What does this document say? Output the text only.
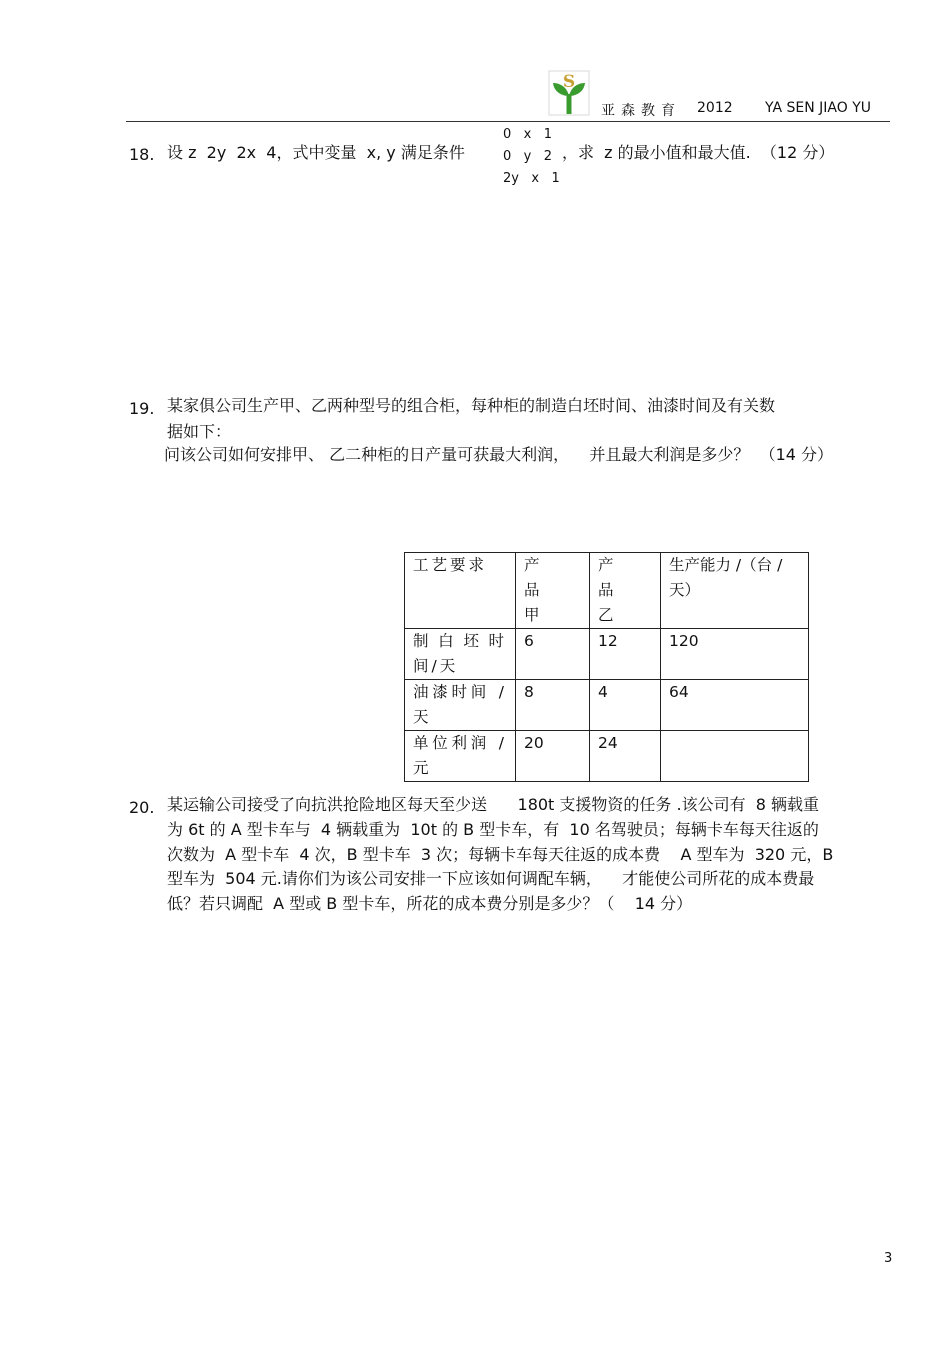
S
亚森教育 2012 YA SEN JIAO YU
18. 设 z  2y  2x  4，式中变量  x, y 满足条件
0   x   1
0   y   2
2y   x   1
，求  z 的最小值和最大值.  （12 分）
19. 某家俱公司生产甲、乙两种型号的组合柜，每种柜的制造白坯时间、油漆时间及有关数
据如下：
问该公司如何安排甲、 乙二种柜的日产量可获最大利润，    并且最大利润是多少？  （14 分）
工艺要求	产品甲	产品乙	生产能力 /（台 / 天）
制白坯时间/天	6	12	120
油漆时间 / 天	8	4	64
单位利润 / 元	20	24	
20. 某运输公司接受了向抗洪抢险地区每天至少送      180t 支援物资的任务 .该公司有  8 辆载重
为 6t 的 A 型卡车与  4 辆载重为  10t 的 B 型卡车，有  10 名驾驶员；每辆卡车每天往返的
次数为  A 型卡车  4 次，B 型卡车  3 次；每辆卡车每天往返的成本费    A 型车为  320 元，B
型车为  504 元.请你们为该公司安排一下应该如何调配车辆，    才能使公司所花的成本费最
低？若只调配  A 型或 B 型卡车，所花的成本费分别是多少？（    14 分）
3
